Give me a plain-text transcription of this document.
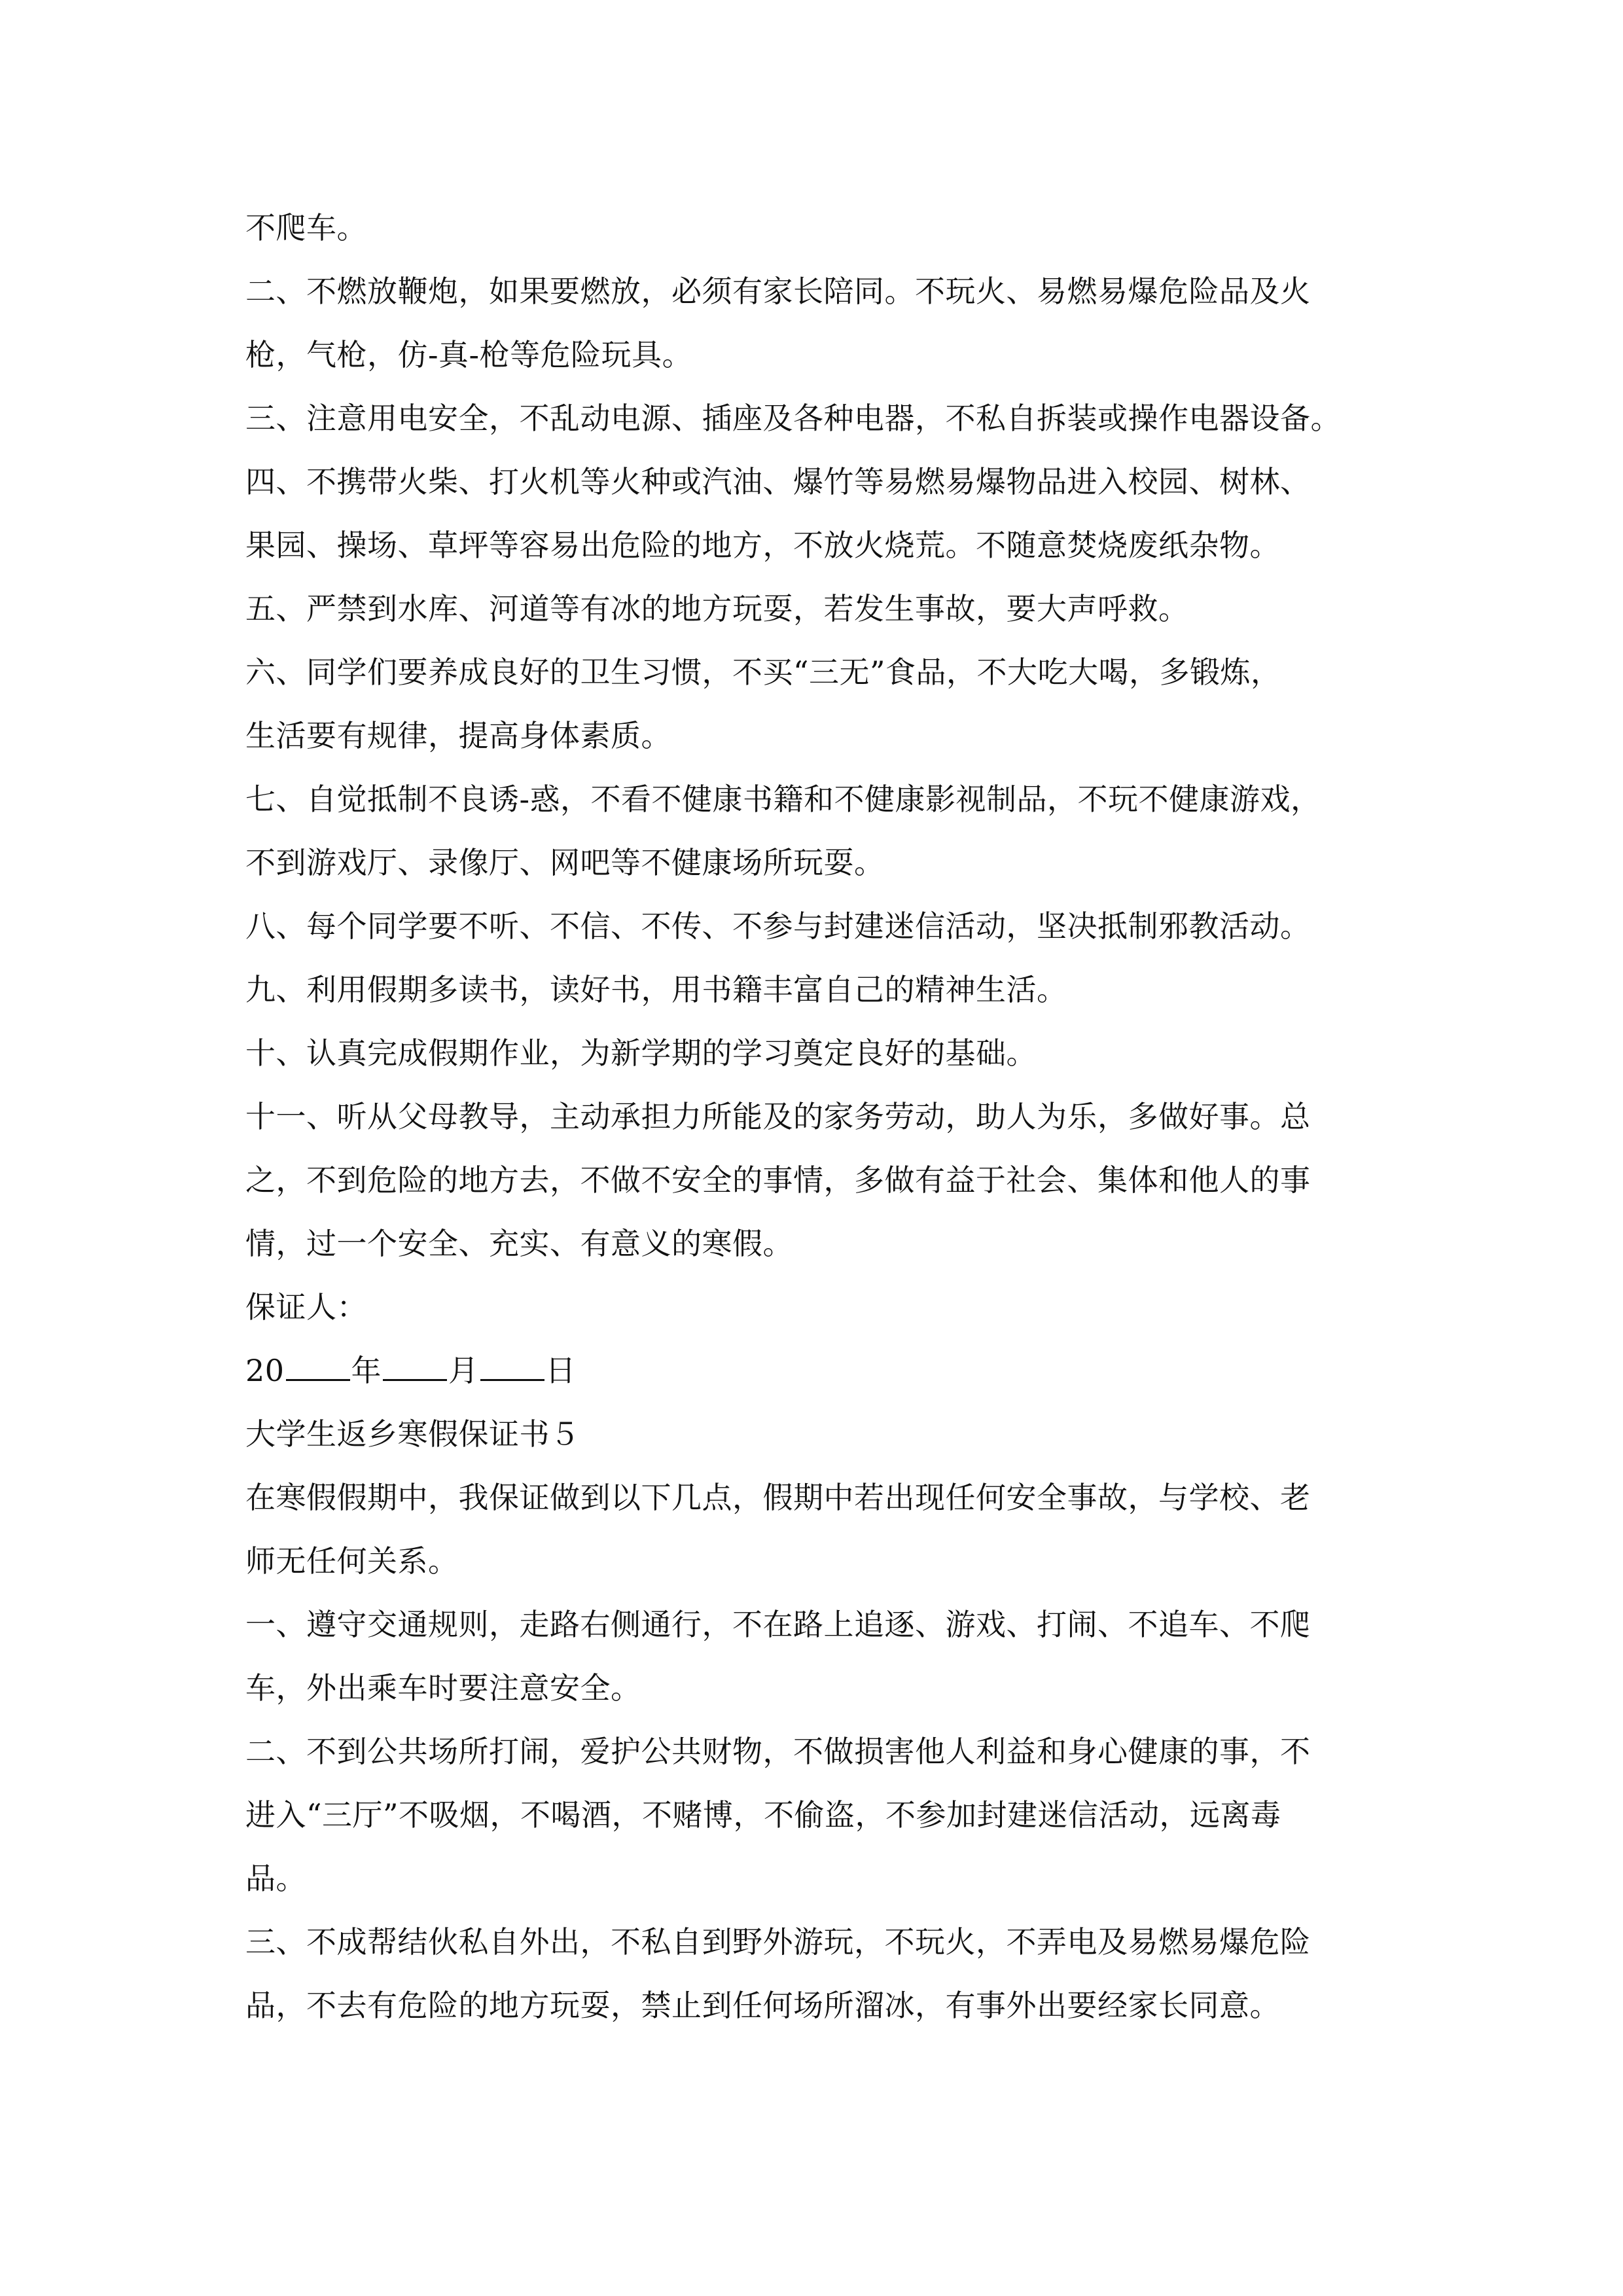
不爬车。
二、不燃放鞭炮，如果要燃放，必须有家长陪同。不玩火、易燃易爆危险品及火
枪，气枪，仿-真-枪等危险玩具。
三、注意用电安全，不乱动电源、插座及各种电器，不私自拆装或操作电器设备。
四、不携带火柴、打火机等火种或汽油、爆竹等易燃易爆物品进入校园、树林、
果园、操场、草坪等容易出危险的地方，不放火烧荒。不随意焚烧废纸杂物。
五、严禁到水库、河道等有冰的地方玩耍，若发生事故，要大声呼救。
六、同学们要养成良好的卫生习惯，不买“三无”食品，不大吃大喝，多锻炼，
生活要有规律，提高身体素质。
七、自觉抵制不良诱-惑，不看不健康书籍和不健康影视制品，不玩不健康游戏，
不到游戏厅、录像厅、网吧等不健康场所玩耍。
八、每个同学要不听、不信、不传、不参与封建迷信活动，坚决抵制邪教活动。
九、利用假期多读书，读好书，用书籍丰富自己的精神生活。
十、认真完成假期作业，为新学期的学习奠定良好的基础。
十一、听从父母教导，主动承担力所能及的家务劳动，助人为乐，多做好事。总
之，不到危险的地方去，不做不安全的事情，多做有益于社会、集体和他人的事
情，过一个安全、充实、有意义的寒假。
保证人：
20 年 月 日
大学生返乡寒假保证书５
在寒假假期中，我保证做到以下几点，假期中若出现任何安全事故，与学校、老
师无任何关系。
一、遵守交通规则，走路右侧通行，不在路上追逐、游戏、打闹、不追车、不爬
车，外出乘车时要注意安全。
二、不到公共场所打闹，爱护公共财物，不做损害他人利益和身心健康的事，不
进入“三厅”不吸烟，不喝酒，不赌博，不偷盗，不参加封建迷信活动，远离毒
品。
三、不成帮结伙私自外出，不私自到野外游玩，不玩火，不弄电及易燃易爆危险
品，不去有危险的地方玩耍，禁止到任何场所溜冰，有事外出要经家长同意。
